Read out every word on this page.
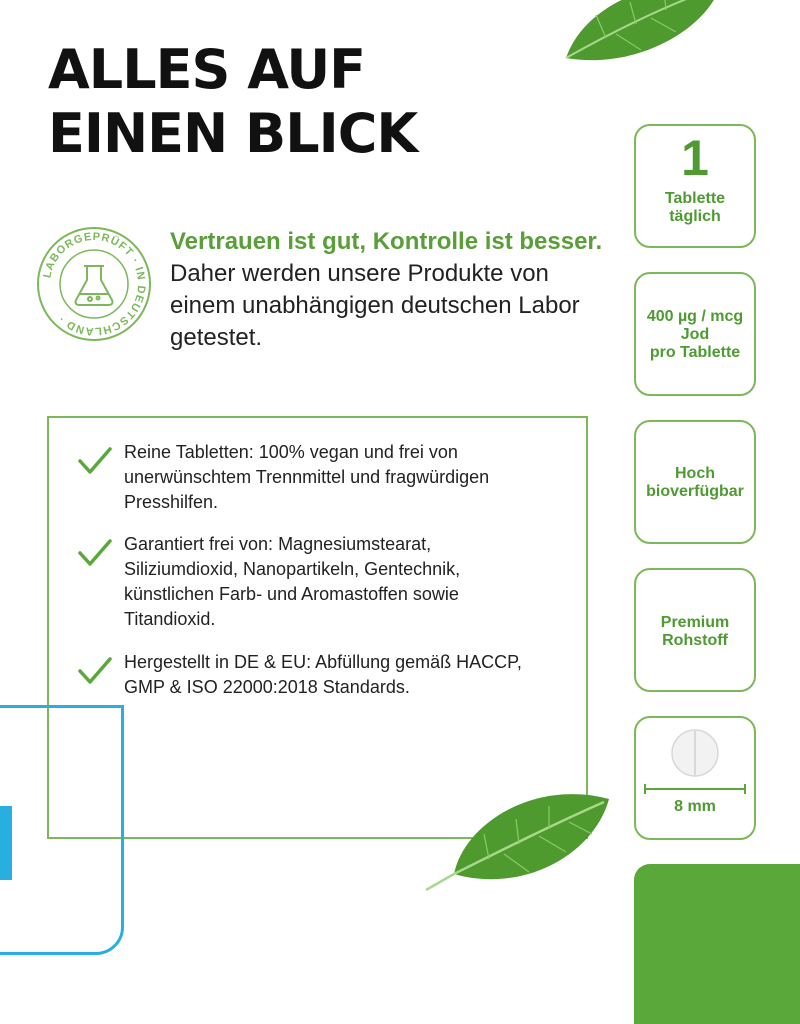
ALLES AUF
EINEN BLICK
LABORGEPRÜFT · IN DEUTSCHLAND ·
Vertrauen ist gut, Kontrolle ist besser.
Daher werden unsere Produkte von einem unabhängigen deutschen Labor getestet.
Reine Tabletten: 100% vegan und frei von unerwünschtem Trennmittel und fragwürdigen Presshilfen.
Garantiert frei von: Magnesiumstearat, Siliziumdioxid, Nanopartikeln, Gentechnik, künstlichen Farb- und Aromastoffen sowie Titandioxid.
Hergestellt in DE & EU: Abfüllung gemäß HACCP, GMP & ISO 22000:2018 Standards.
1
Tablette
täglich
400 µg / mcg
Jod
pro Tablette
Hoch
bioverfügbar
Premium
Rohstoff
8 mm
